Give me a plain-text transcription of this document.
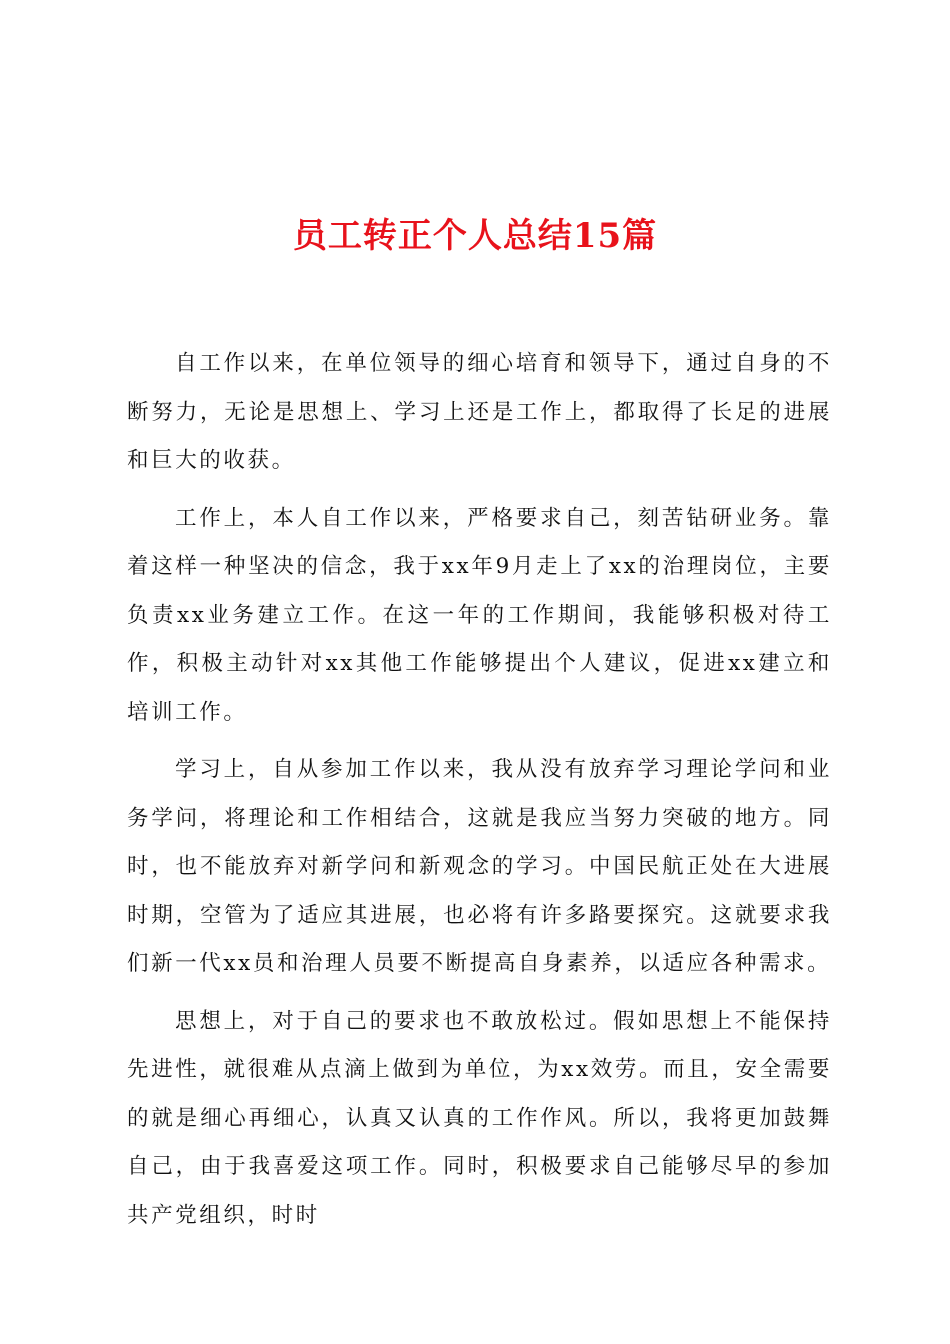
员工转正个人总结15篇

自工作以来，在单位领导的细心培育和领导下，通过自身的不断努力，无论是思想上、学习上还是工作上，都取得了长足的进展和巨大的收获。

工作上，本人自工作以来，严格要求自己，刻苦钻研业务。靠着这样一种坚决的信念，我于xx年9月走上了xx的治理岗位，主要负责xx业务建立工作。在这一年的工作期间，我能够积极对待工作，积极主动针对xx其他工作能够提出个人建议，促进xx建立和培训工作。

学习上，自从参加工作以来，我从没有放弃学习理论学问和业务学问，将理论和工作相结合，这就是我应当努力突破的地方。同时，也不能放弃对新学问和新观念的学习。中国民航正处在大进展时期，空管为了适应其进展，也必将有许多路要探究。这就要求我们新一代xx员和治理人员要不断提高自身素养，以适应各种需求。

思想上，对于自己的要求也不敢放松过。假如思想上不能保持先进性，就很难从点滴上做到为单位，为xx效劳。而且，安全需要的就是细心再细心，认真又认真的工作作风。所以，我将更加鼓舞自己，由于我喜爱这项工作。同时，积极要求自己能够尽早的参加共产党组织，时时
